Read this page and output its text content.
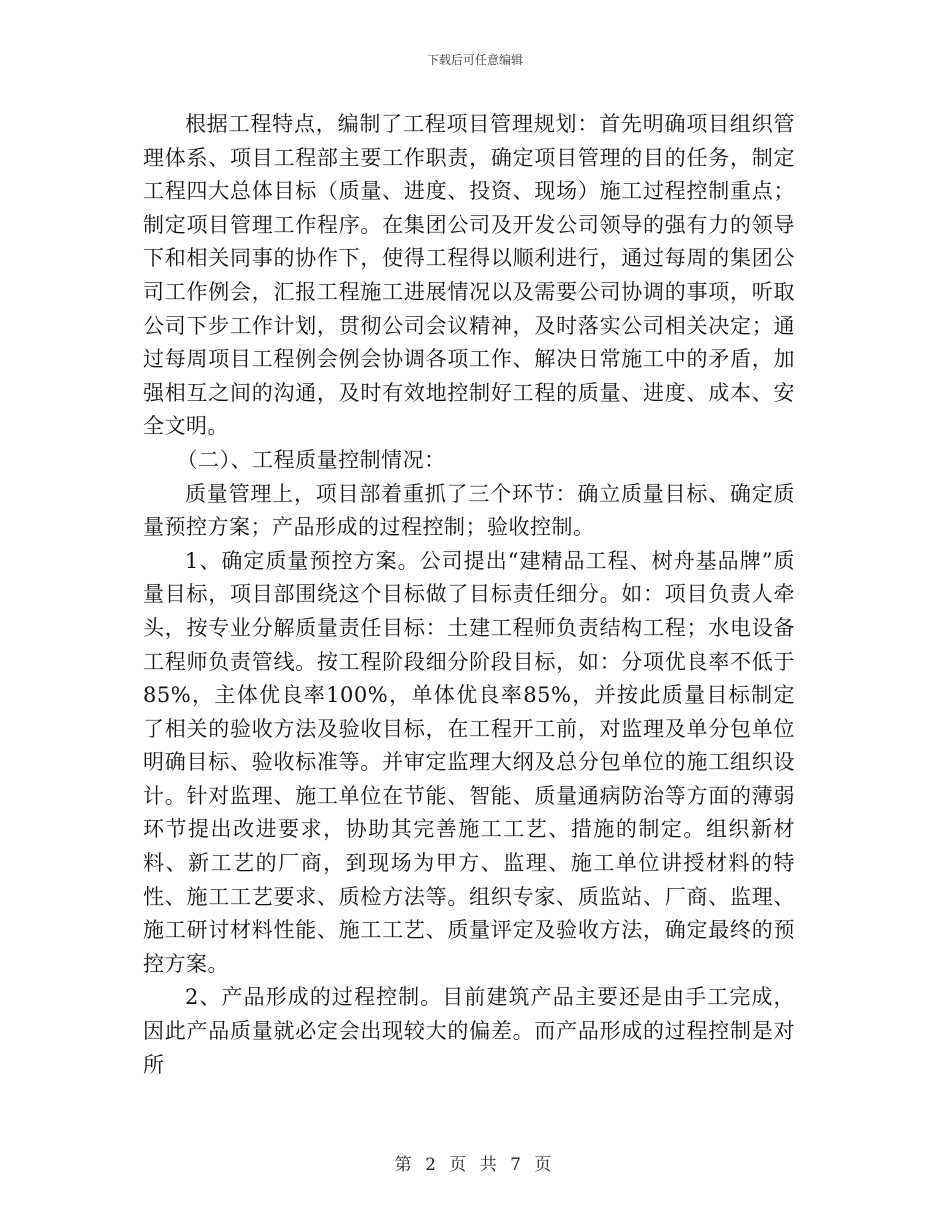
下载后可任意编辑

根据工程特点，编制了工程项目管理规划：首先明确项目组织管理体系、项目工程部主要工作职责，确定项目管理的目的任务，制定工程四大总体目标（质量、进度、投资、现场）施工过程控制重点；制定项目管理工作程序。在集团公司及开发公司领导的强有力的领导下和相关同事的协作下，使得工程得以顺利进行，通过每周的集团公司工作例会，汇报工程施工进展情况以及需要公司协调的事项，听取公司下步工作计划，贯彻公司会议精神，及时落实公司相关决定；通过每周项目工程例会例会协调各项工作、解决日常施工中的矛盾，加强相互之间的沟通，及时有效地控制好工程的质量、进度、成本、安全文明。

（二）、工程质量控制情况：

质量管理上，项目部着重抓了三个环节：确立质量目标、确定质量预控方案；产品形成的过程控制；验收控制。

1、确定质量预控方案。公司提出“建精品工程、树舟基品牌”质量目标，项目部围绕这个目标做了目标责任细分。如：项目负责人牵头，按专业分解质量责任目标：土建工程师负责结构工程；水电设备工程师负责管线。按工程阶段细分阶段目标，如：分项优良率不低于85%，主体优良率100%，单体优良率85%，并按此质量目标制定了相关的验收方法及验收目标，在工程开工前，对监理及单分包单位明确目标、验收标准等。并审定监理大纲及总分包单位的施工组织设计。针对监理、施工单位在节能、智能、质量通病防治等方面的薄弱环节提出改进要求，协助其完善施工工艺、措施的制定。组织新材料、新工艺的厂商，到现场为甲方、监理、施工单位讲授材料的特性、施工工艺要求、质检方法等。组织专家、质监站、厂商、监理、施工研讨材料性能、施工工艺、质量评定及验收方法，确定最终的预控方案。

2、产品形成的过程控制。目前建筑产品主要还是由手工完成，因此产品质量就必定会出现较大的偏差。而产品形成的过程控制是对所

第 2 页 共 7 页
